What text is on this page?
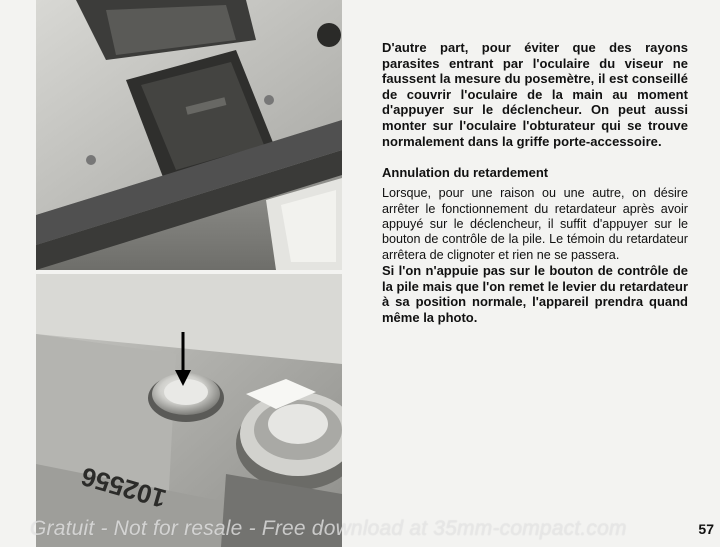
102556

D'autre part, pour éviter que des rayons parasites entrant par l'oculaire du viseur ne faussent la mesure du posemètre, il est conseillé de couvrir l'oculaire de la main au moment d'appuyer sur le déclencheur. On peut aussi monter sur l'oculaire l'obturateur qui se trouve normalement dans la griffe porte-accessoire.

Annulation du retardement

Lorsque, pour une raison ou une autre, on désire arrêter le fonctionnement du retardateur après avoir appuyé sur le déclencheur, il suffit d'appuyer sur le bouton de contrôle de la pile. Le témoin du retardateur arrêtera de clignoter et rien ne se passera.

Si l'on n'appuie pas sur le bouton de contrôle de la pile mais que l'on remet le levier du retardateur à sa position normale, l'appareil prendra quand même la photo.

57
Gratuit - Not for resale - Free download at 35mm-compact.com
